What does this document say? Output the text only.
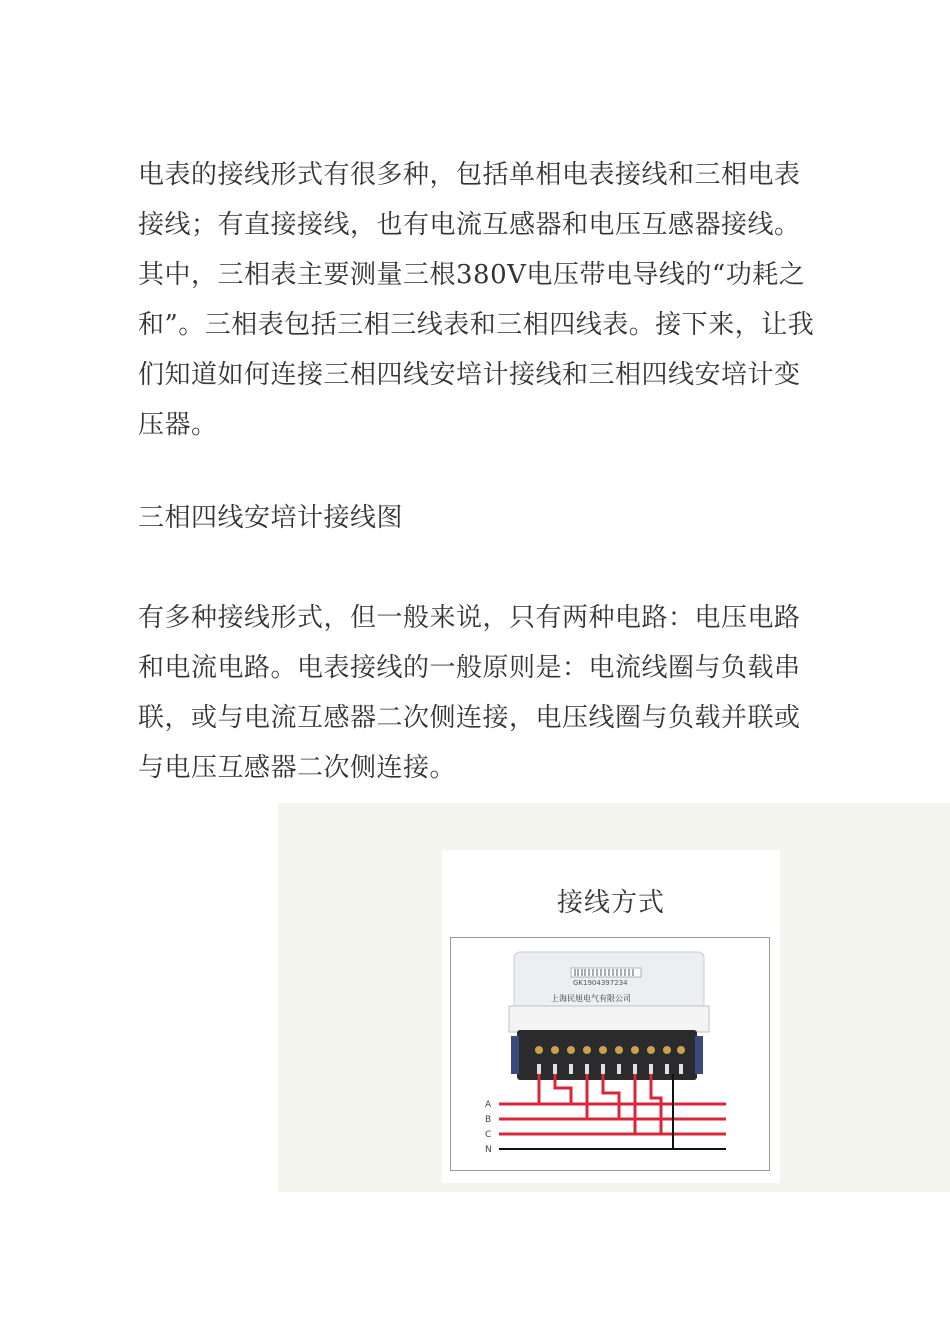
电表的接线形式有很多种，包括单相电表接线和三相电表接线；有直接接线，也有电流互感器和电压互感器接线。其中，三相表主要测量三根380V电压带电导线的“功耗之和”。三相表包括三相三线表和三相四线表。接下来，让我们知道如何连接三相四线安培计接线和三相四线安培计变压器。

三相四线安培计接线图

有多种接线形式，但一般来说，只有两种电路：电压电路和电流电路。电表接线的一般原则是：电流线圈与负载串联，或与电流互感器二次侧连接，电压线圈与负载并联或与电压互感器二次侧连接。

接线方式
GK1904397234
上海民旭电气有限公司
A
B
C
N
